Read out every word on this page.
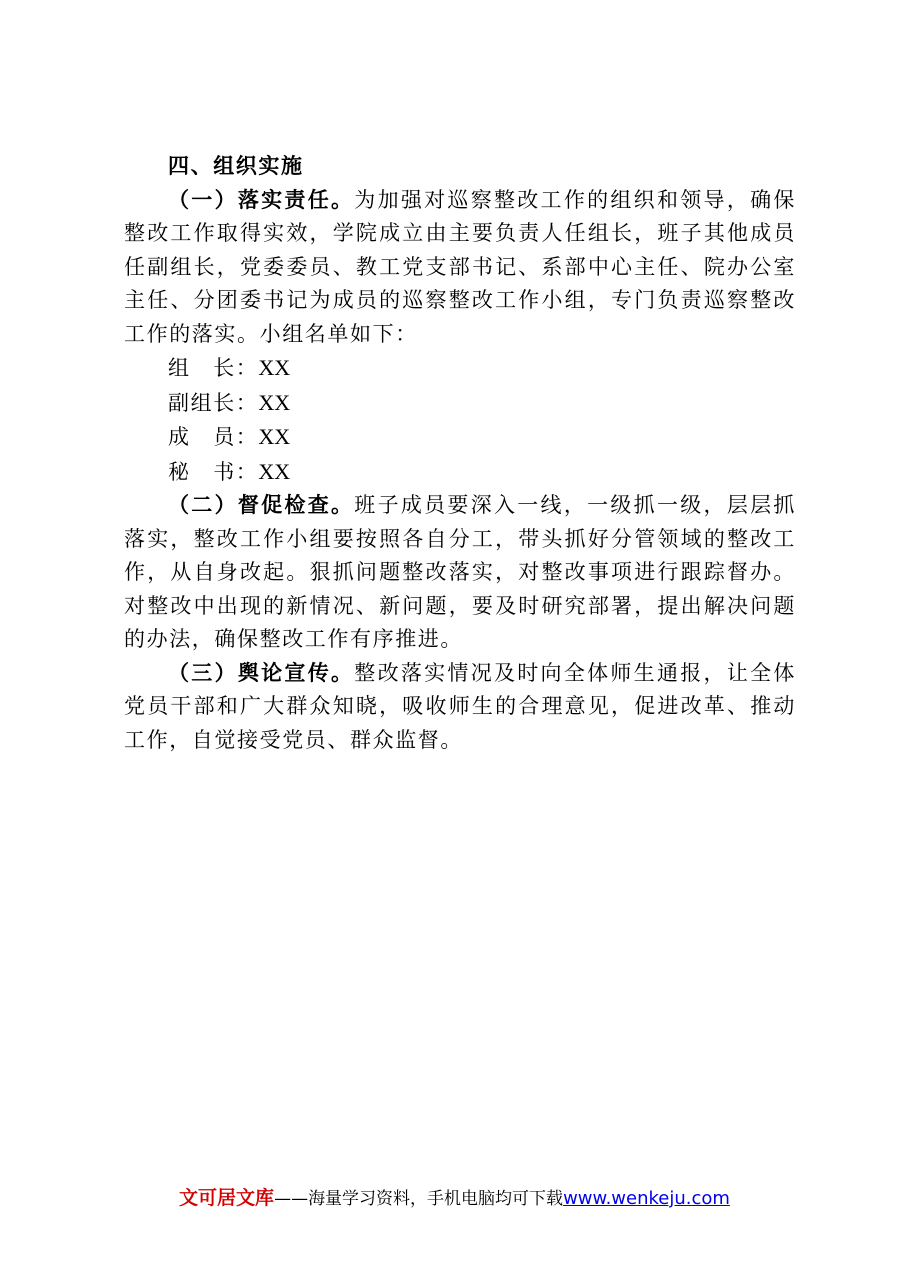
四、组织实施

（一）落实责任。为加强对巡察整改工作的组织和领导，确保整改工作取得实效，学院成立由主要负责人任组长，班子其他成员任副组长，党委委员、教工党支部书记、系部中心主任、院办公室主任、分团委书记为成员的巡察整改工作小组，专门负责巡察整改工作的落实。小组名单如下：

组　长：XX

副组长：XX

成　员：XX

秘　书：XX

（二）督促检查。班子成员要深入一线，一级抓一级，层层抓落实，整改工作小组要按照各自分工，带头抓好分管领域的整改工作，从自身改起。狠抓问题整改落实，对整改事项进行跟踪督办。对整改中出现的新情况、新问题，要及时研究部署，提出解决问题的办法，确保整改工作有序推进。

（三）舆论宣传。整改落实情况及时向全体师生通报，让全体党员干部和广大群众知晓，吸收师生的合理意见，促进改革、推动工作，自觉接受党员、群众监督。

文可居文库——海量学习资料，手机电脑均可下载www.wenkeju.com
